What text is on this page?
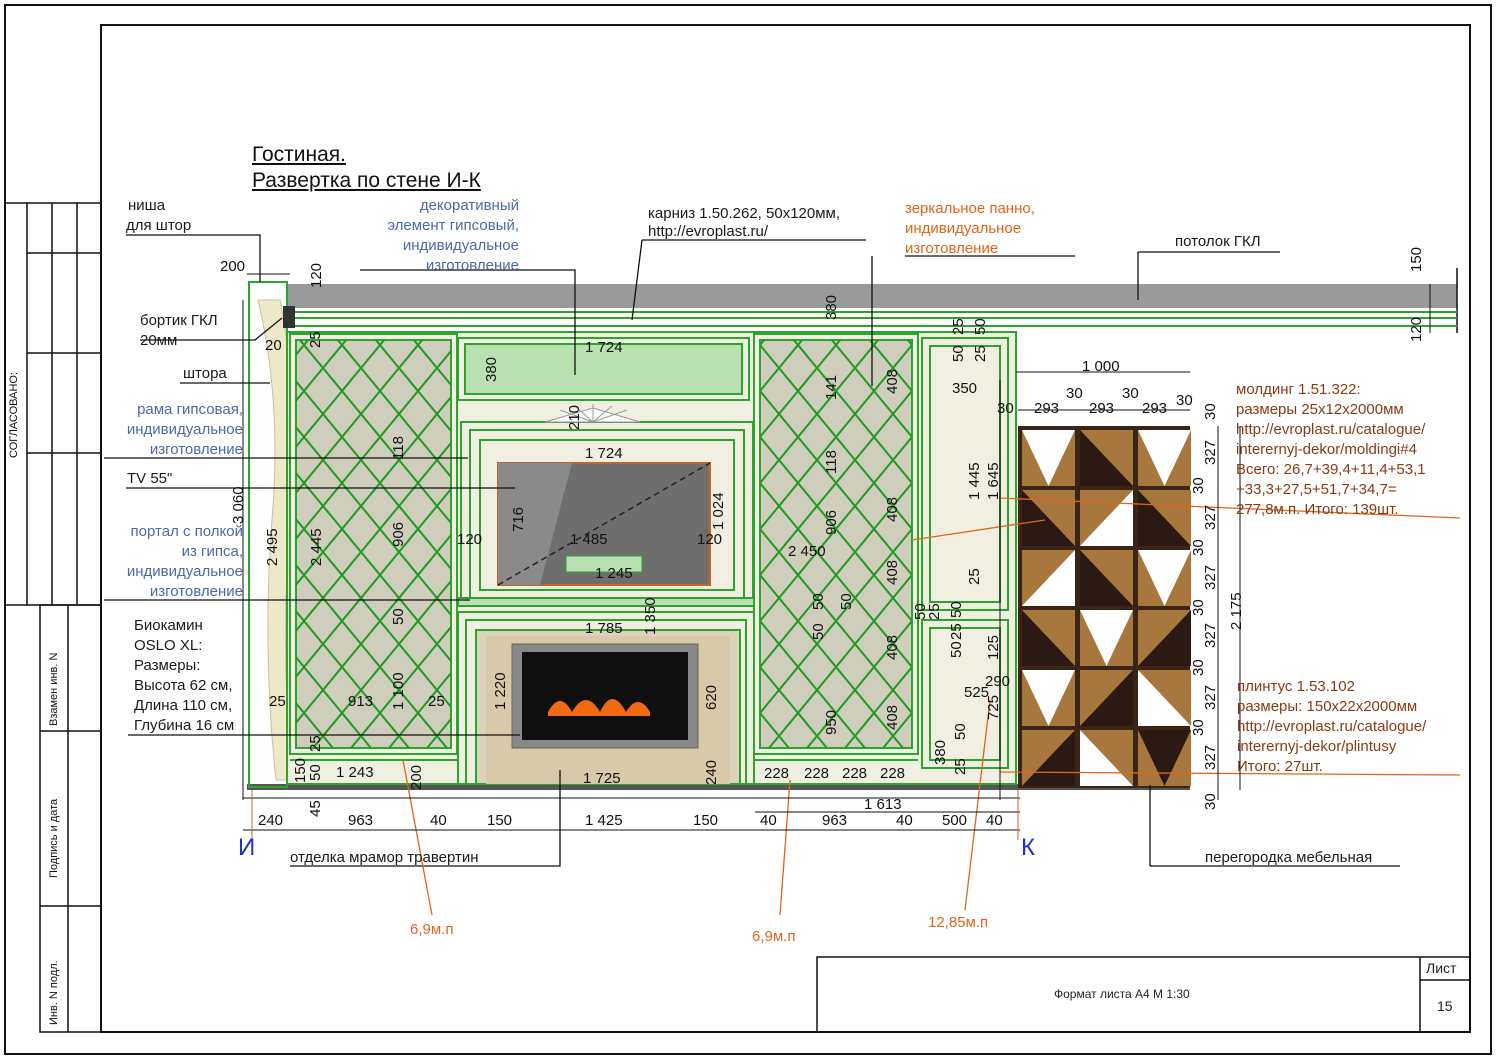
Гостиная.
Развертка по стене И-К
ниша
для штор
бортик ГКЛ
20мм
штора
рама гипсовая,
индивидуальное
изготовление
TV 55"
портал с полкой
из гипса,
индивидуальное
изготовление
Биокамин
OSLO XL:
Размеры:
Высота 62 см,
Длина 110 см,
Глубина 16 см
декоративный
элемент гипсовый,
индивидуальное
изготовление
карниз 1.50.262, 50х120мм,
http://evroplast.ru/
зеркальное панно,
индивидуальное
изготовление	потолок ГКЛ
молдинг 1.51.322:
размеры 25х12х2000мм
http://evroplast.ru/catalogue/
interernyj-dekor/moldingi#4
Всего: 26,7+39,4+11,4+53,1
+33,3+27,5+51,7+34,7=
277,8м.п. Итого: 139шт.
плинтус 1.53.102
размеры: 150х22х2000мм
http://evroplast.ru/catalogue/
interernyj-dekor/plintusy
Итого: 27шт.
отделка мрамор травертин	перегородка мебельная
6,9м.п	6,9м.п
12,85м.п
И	К
СОГЛАСОВАНО:
Взамен инв. N
Подпись и дата
Инв. N подл.	Формат листа А4 М 1:30
Лист
15
200	120
20 25	1 724
380
380
210
1 724
118
716
1 485
120	120
1 024
1 245
3 060
2 495 2 445	906
50	1 350
1 785
1 100	1 220
913
25	25	620
25
150
50 1 243 200
45
1 725	240
141	408
118
408
2 450
906
408
50 50
50
408
950	408
228 228 228 228
25 50
50 25
350
30
1 445 1 645
25
50
25 50
25
50 125
525
290
725
380
50
25
1 000
30	30
293 293 293 30
30
327
30
327
30
327
30
327
30
327
30
327
30
2 175
150
120
1 613
240	963	40	150	1 425	150	40	963	40 500 40
